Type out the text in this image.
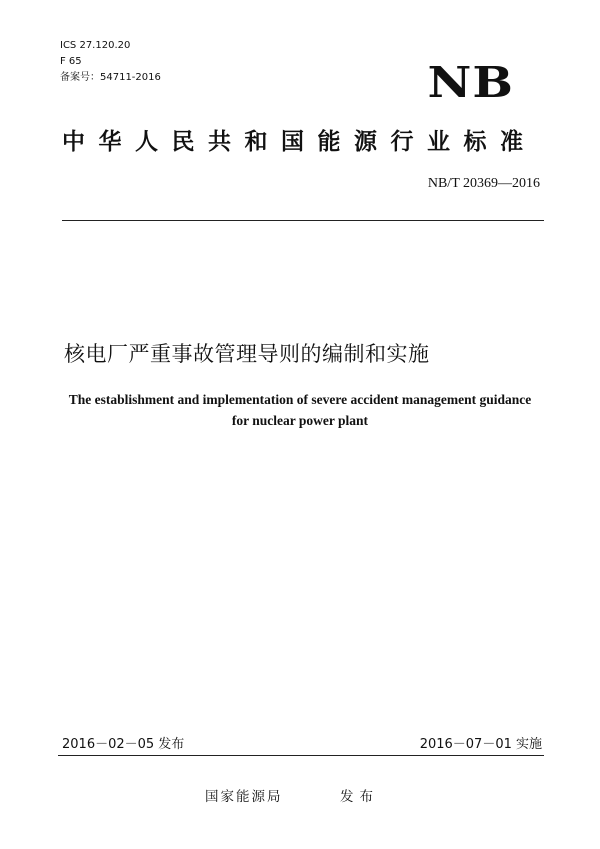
ICS 27.120.20
F 65
备案号：54711-2016	NB
中华人民共和国能源行业标准
NB/T 20369—2016
核电厂严重事故管理导则的编制和实施
The establishment and implementation of severe accident management guidance
for nuclear power plant
2016－02－05 发布	2016－07－01 实施
国家能源局	发布
